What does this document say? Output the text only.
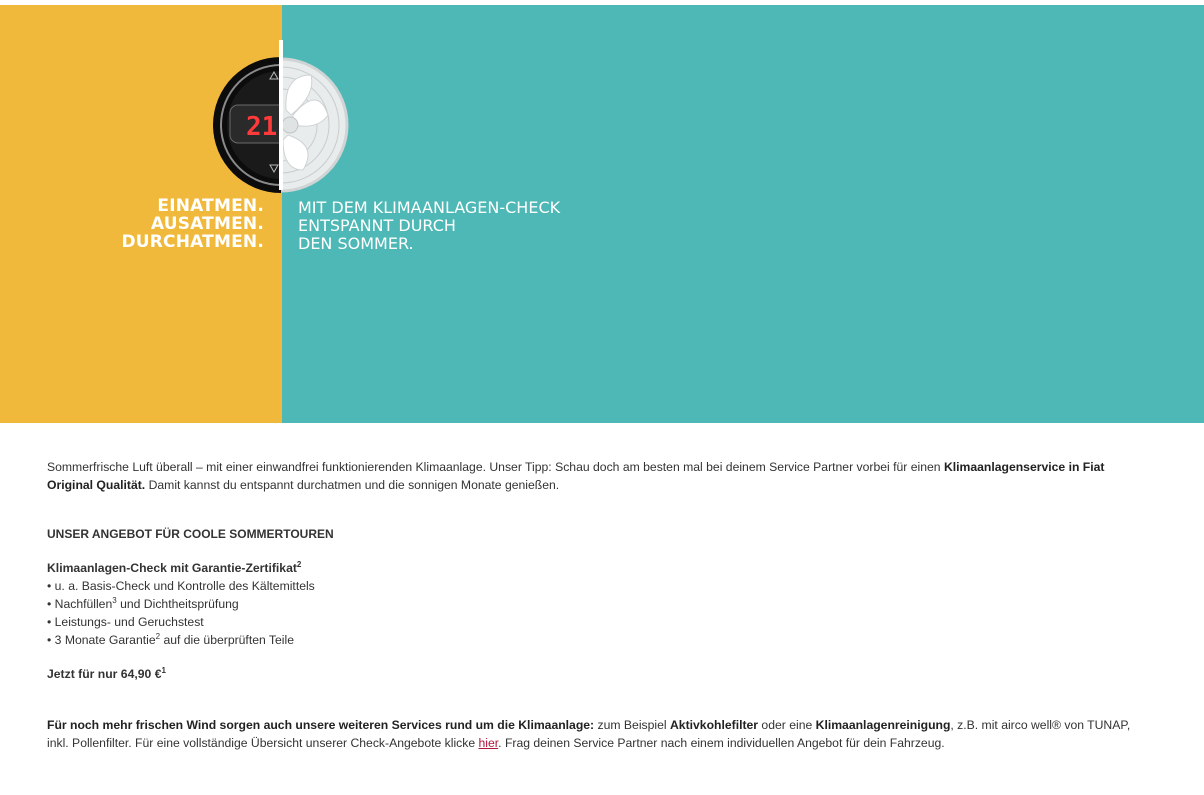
21
EINATMEN.
AUSATMEN.
DURCHATMEN.
MIT DEM KLIMAANLAGEN-CHECK
ENTSPANNT DURCH
DEN SOMMER.

Sommerfrische Luft überall – mit einer einwandfrei funktionierenden Klimaanlage. Unser Tipp: Schau doch am besten mal bei deinem Service Partner vorbei für einen Klimaanlagenservice in Fiat Original Qualität. Damit kannst du entspannt durchatmen und die sonnigen Monate genießen.

UNSER ANGEBOT FÜR COOLE SOMMERTOUREN

Klimaanlagen-Check mit Garantie-Zertifikat$^2$

• u. a. Basis-Check und Kontrolle des Kältemittels

• Nachfüllen$^3$ und Dichtheitsprüfung

• Leistungs- und Geruchstest

• 3 Monate Garantie$^2$ auf die überprüften Teile

Jetzt für nur 64,90 €$^1$

Für noch mehr frischen Wind sorgen auch unsere weiteren Services rund um die Klimaanlage: zum Beispiel Aktivkohlefilter oder eine Klimaanlagenreinigung, z.B. mit airco well® von TUNAP, inkl. Pollenfilter. Für eine vollständige Übersicht unserer Check-Angebote klicke hier. Frag deinen Service Partner nach einem individuellen Angebot für dein Fahrzeug.
